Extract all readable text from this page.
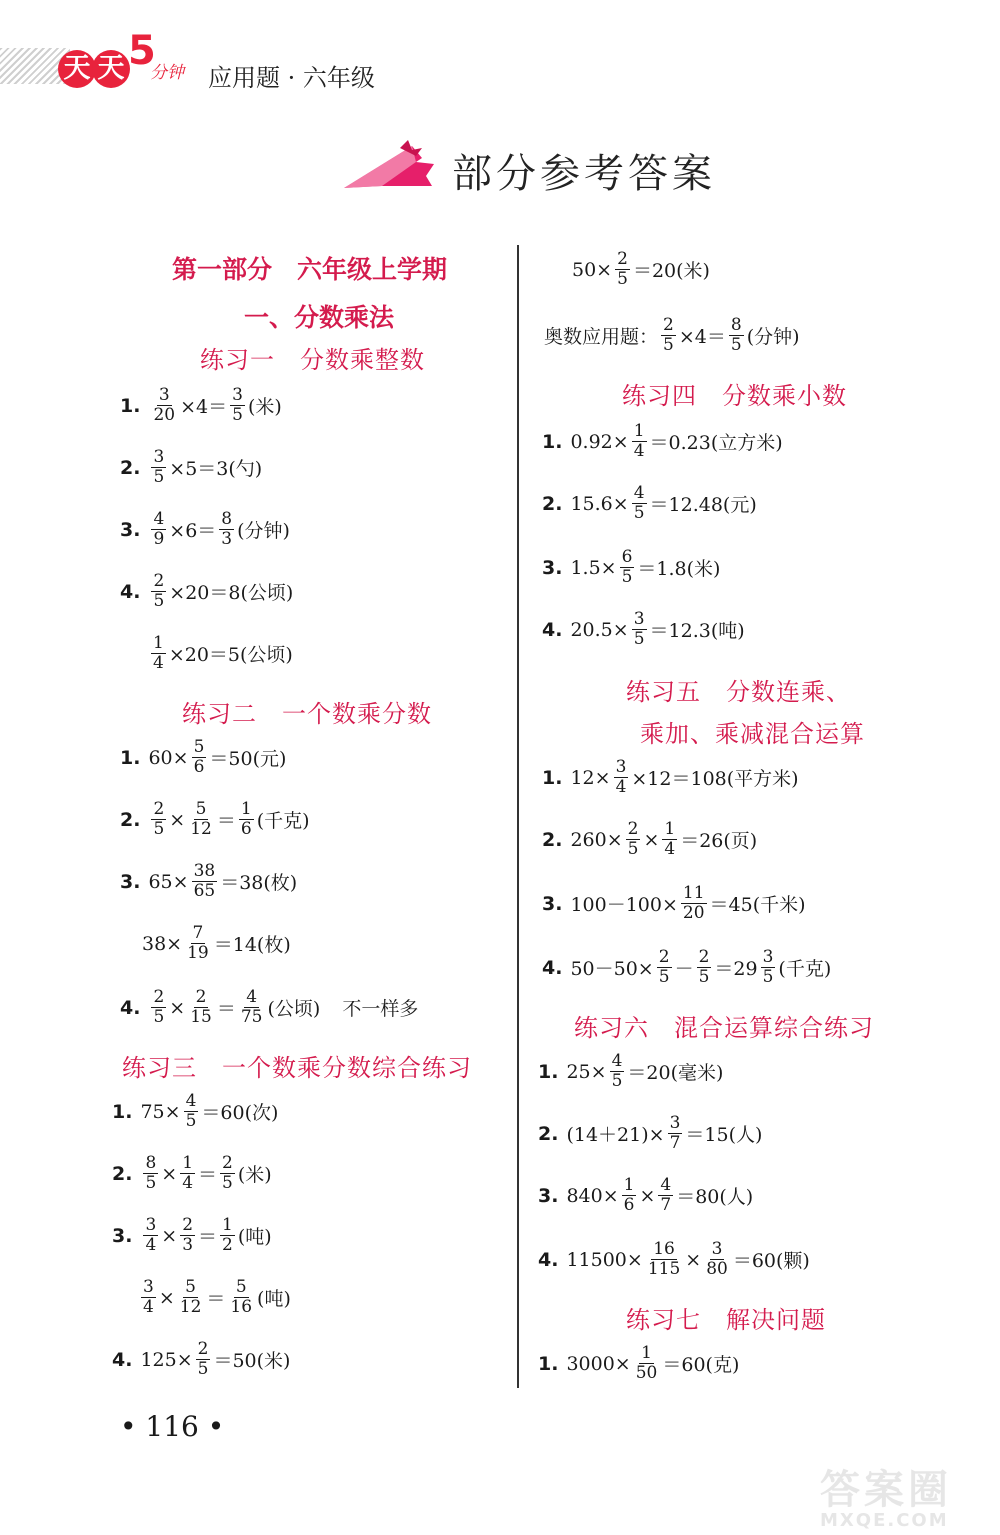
天 天 5
分钟 应用题 · 六年级
部分参考答案
第一部分　六年级上学期
一、分数乘法
练习一　分数乘整数
1. $\frac{3}{20} \times 4=$
3
5 (米)
2. $\frac{3}{5} \times 5=3$(勺)
3. $\frac{4}{9} \times 6=$
8
3 (分钟)
4. $\frac{2}{5} \times 20=8$(公顷)
$\frac{1}{4} \times 20=5$(公顷)
练习二　一个数乘分数
1. $60\times \frac{5}{6} =50$(元)
2. $\frac{2}{5} \times \frac{5}{12}$ ＝
1
6 (千克)
3. $65\times \frac{38}{65} =38$(枚)
$38\times \frac{7}{19} =14$(枚)
4. $\frac{2}{5} \times \frac{2}{15}$ ＝
4
75 (公顷) 不一样多
练习三　一个数乘分数综合练习
1. $75\times \frac{4}{5} =60$(次)
2. $\frac{8}{5} \times \frac{1}{4}$ ＝
2
5 (米)
3. $\frac{3}{4} \times \frac{2}{3}$ ＝
1
2 (吨)
$\frac{3}{4} \times \frac{5}{12}$ ＝
5
16 (吨)
4. $125\times \frac{2}{5} =50$(米)
$50\times \frac{2}{5} =20$(米)
奥数应用题： $\frac{2}{5} \times 4=$
8
5 (分钟)
练习四　分数乘小数
1. $0.92\times \frac{1}{4} =0.23$(立方米)
2. $15.6\times \frac{4}{5} =12.48$(元)
3. $1.5\times \frac{6}{5} =1.8$(米)
4. $20.5\times \frac{3}{5} =12.3$(吨)
练习五　分数连乘、
乘加、乘减混合运算
1. $12\times \frac{3}{4} \times 12=108$(平方米)
2. $260\times \frac{2}{5} \times \frac{1}{4} =26$(页)
3. $100-100\times \frac{11}{20} =45$(千米)
4. $50-50\times \frac{2}{5}$ －
2
5 ＝29
3
5 (千克)
练习六　混合运算综合练习
1. $25\times \frac{4}{5} =20$(毫米)
2. $(14+21)\times \frac{3}{7} =15$(人)
3. $840\times \frac{1}{6} \times \frac{4}{7} =80$(人)
4. $11500\times \frac{16}{115} \times \frac{3}{80} =60$(颗)
练习七　解决问题
1. $3000\times \frac{1}{50} =60$(克)
• 116 •
答案圈
MXQE.COM
